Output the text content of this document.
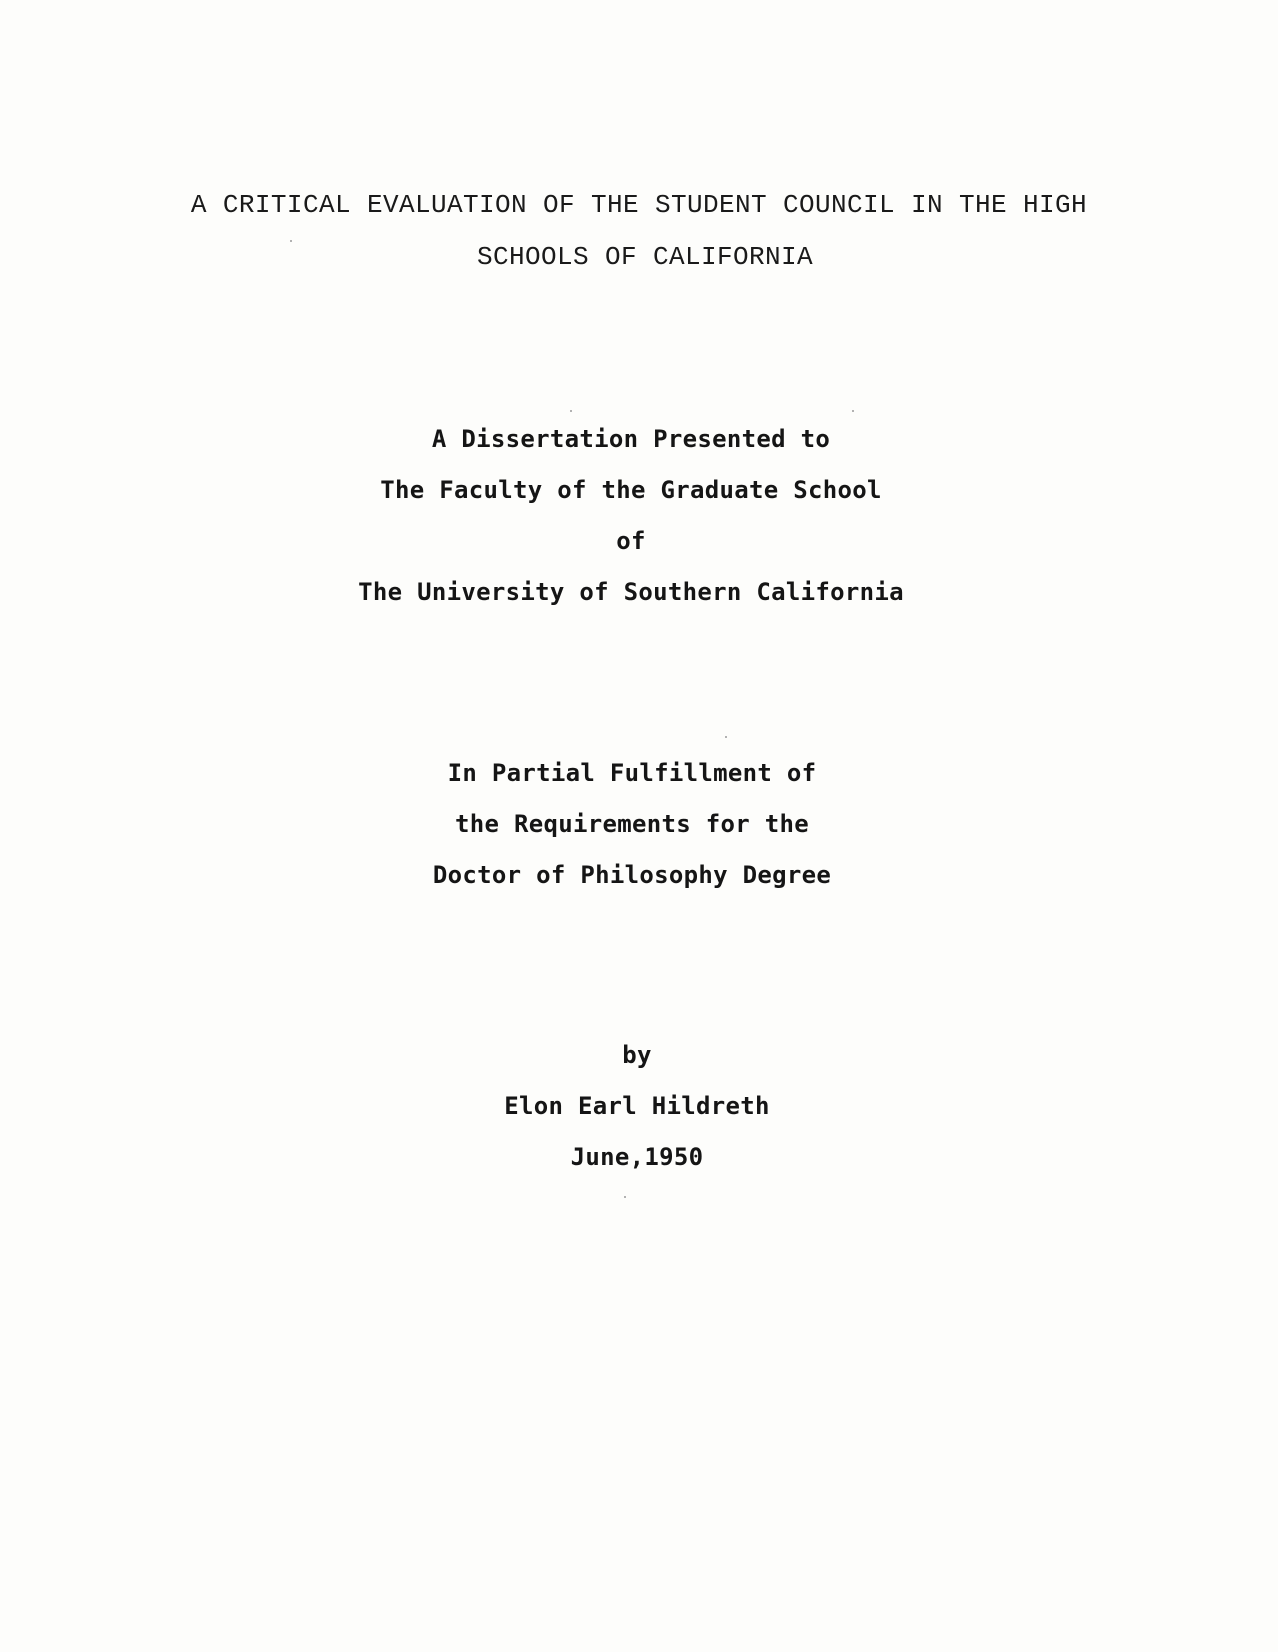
A CRITICAL EVALUATION OF THE STUDENT COUNCIL IN THE HIGH
SCHOOLS OF CALIFORNIA
A Dissertation Presented to
The Faculty of the Graduate School
of
The University of Southern California
In Partial Fulfillment of
the Requirements for the
Doctor of Philosophy Degree
by
Elon Earl Hildreth
June,1950
